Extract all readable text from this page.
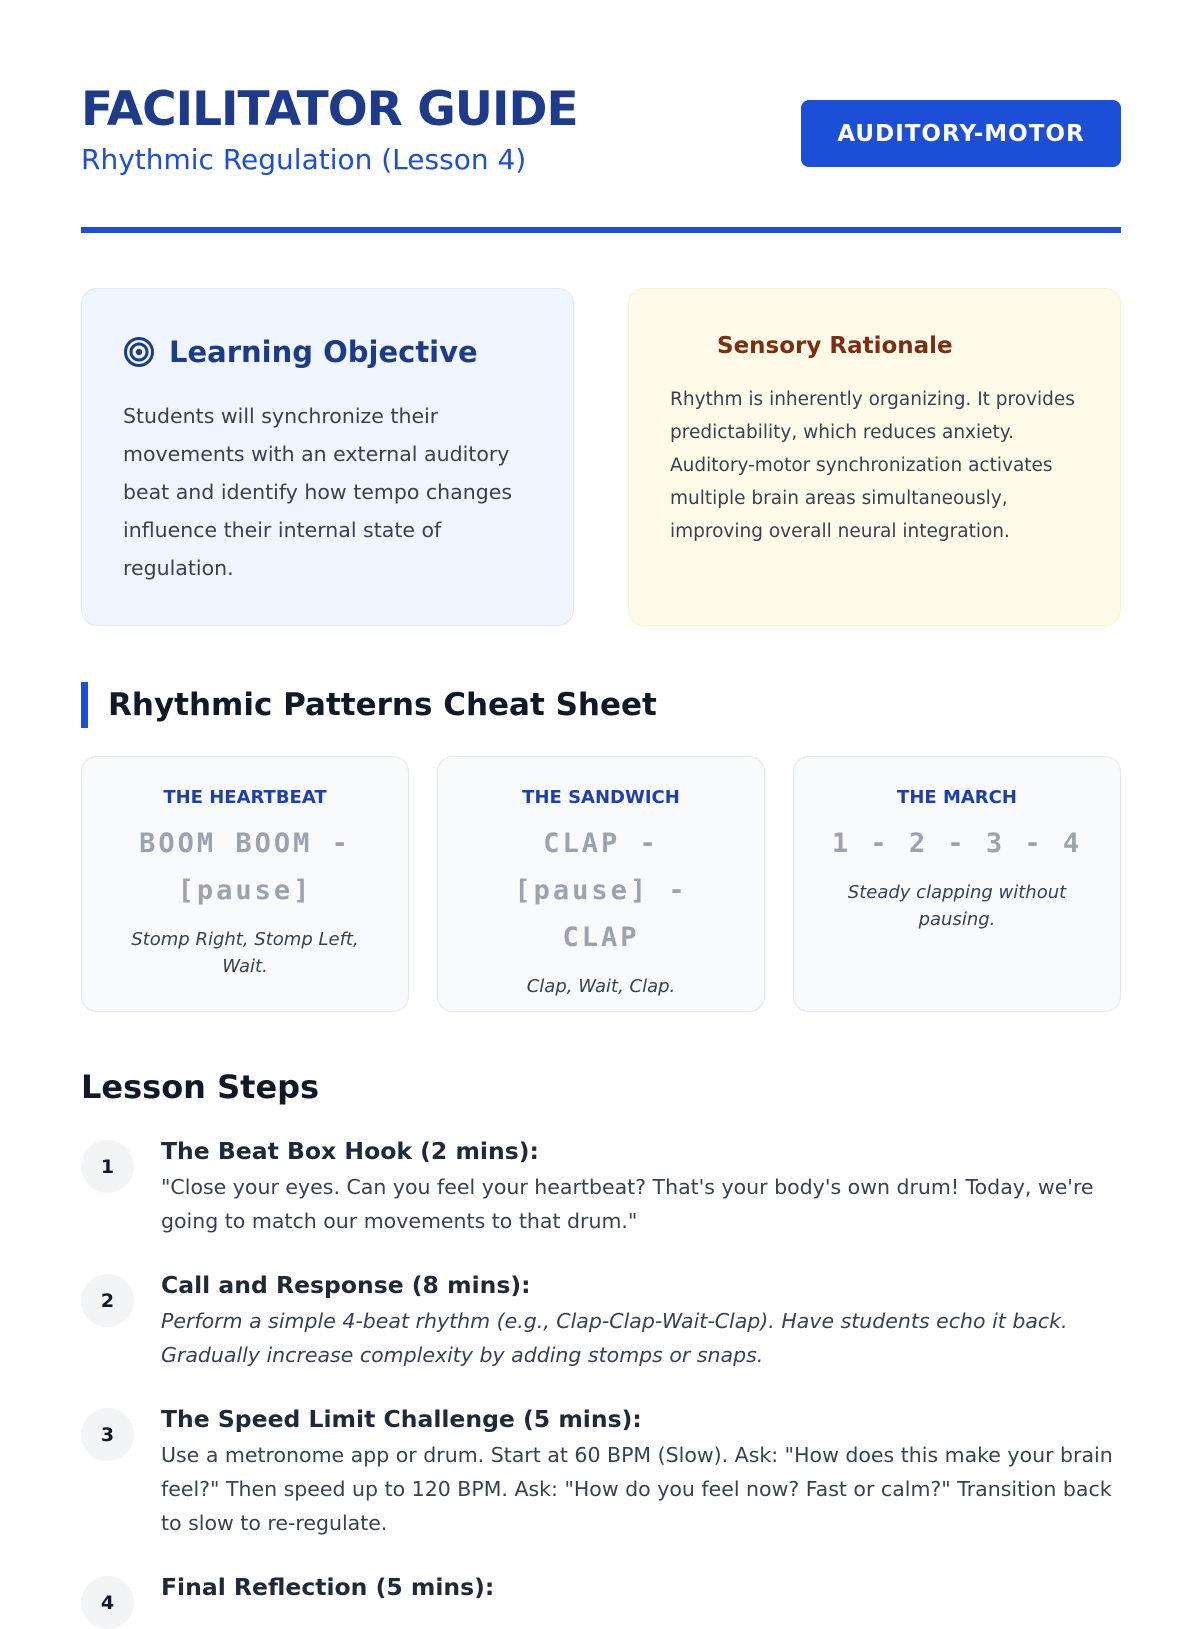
FACILITATOR GUIDE
Rhythmic Regulation (Lesson 4)
AUDITORY-MOTOR
Learning Objective

Students will synchronize their movements with an external auditory beat and identify how tempo changes influence their internal state of regulation.

Sensory Rationale

Rhythm is inherently organizing. It provides predictability, which reduces anxiety. Auditory-motor synchronization activates multiple brain areas simultaneously, improving overall neural integration.

Rhythmic Patterns Cheat Sheet
THE HEARTBEAT
BOOM BOOM - [pause]
Stomp Right, Stomp Left, Wait.
THE SANDWICH
CLAP - [pause] - CLAP
Clap, Wait, Clap.
THE MARCH
1 - 2 - 3 - 4
Steady clapping without pausing.
Lesson Steps
1
The Beat Box Hook (2 mins):
"Close your eyes. Can you feel your heartbeat? That's your body's own drum! Today, we're going to match our movements to that drum."
2
Call and Response (8 mins):
Perform a simple 4-beat rhythm (e.g., Clap-Clap-Wait-Clap). Have students echo it back. Gradually increase complexity by adding stomps or snaps.
3
The Speed Limit Challenge (5 mins):
Use a metronome app or drum. Start at 60 BPM (Slow). Ask: "How does this make your brain feel?" Then speed up to 120 BPM. Ask: "How do you feel now? Fast or calm?" Transition back to slow to re-regulate.
4
Final Reflection (5 mins):
